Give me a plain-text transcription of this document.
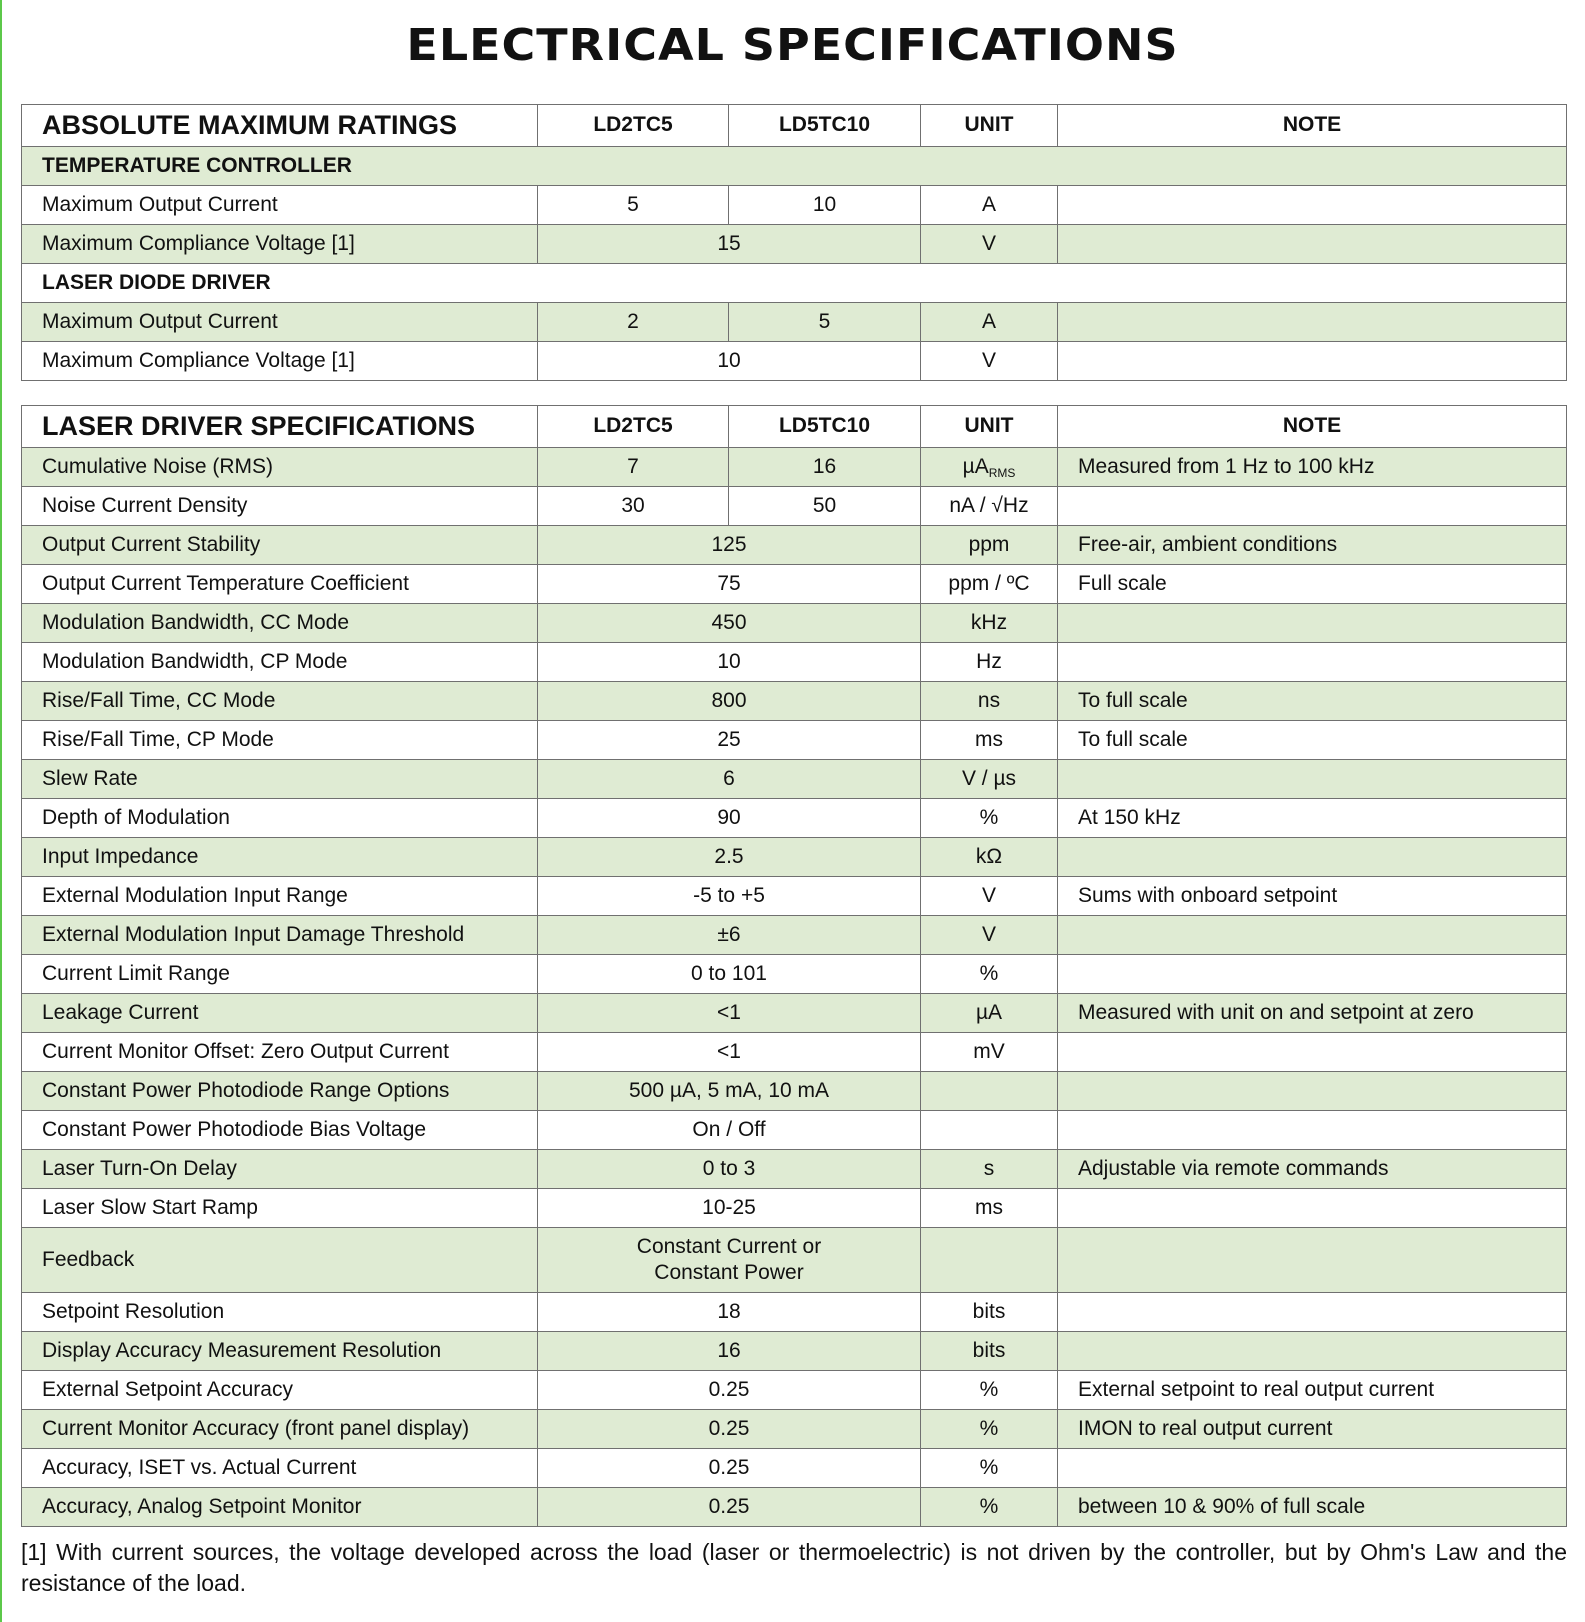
ELECTRICAL SPECIFICATIONS
ABSOLUTE MAXIMUM RATINGS	LD2TC5	LD5TC10	UNIT	NOTE
TEMPERATURE CONTROLLER				
Maximum Output Current	5	10	A	
Maximum Compliance Voltage [1]	15		V	
LASER DIODE DRIVER				
Maximum Output Current	2	5	A	
Maximum Compliance Voltage [1]	10		V	
LASER DRIVER SPECIFICATIONS	LD2TC5	LD5TC10	UNIT	NOTE
Cumulative Noise (RMS)	7	16	µA$_{RMS}$	Measured from 1 Hz to 100 kHz
Noise Current Density	30	50	nA / √Hz	
Output Current Stability	125		ppm	Free-air, ambient conditions
Output Current Temperature Coefficient	75		ppm / ºC	Full scale
Modulation Bandwidth, CC Mode	450		kHz	
Modulation Bandwidth, CP Mode	10		Hz	
Rise/Fall Time, CC Mode	800		ns	To full scale
Rise/Fall Time, CP Mode	25		ms	To full scale
Slew Rate	6		V / µs	
Depth of Modulation	90		%	At 150 kHz
Input Impedance	2.5		kΩ	
External Modulation Input Range	-5 to +5		V	Sums with onboard setpoint
External Modulation Input Damage Threshold	±6		V	
Current Limit Range	0 to 101		%	
Leakage Current	<1		µA	Measured with unit on and setpoint at zero
Current Monitor Offset: Zero Output Current	<1		mV	
Constant Power Photodiode Range Options	500 µA, 5 mA, 10 mA			
Constant Power Photodiode Bias Voltage	On / Off			
Laser Turn-On Delay	0 to 3		s	Adjustable via remote commands
Laser Slow Start Ramp	10-25		ms	
Feedback	Constant Current or
Constant Power			

Setpoint Resolution	18		bits	
Display Accuracy Measurement Resolution	16		bits	
External Setpoint Accuracy	0.25		%	External setpoint to real output current
Current Monitor Accuracy (front panel display)	0.25		%	IMON to real output current
Accuracy, ISET vs. Actual Current	0.25		%	
Accuracy, Analog Setpoint Monitor	0.25		%	between 10 & 90% of full scale
[1] With current sources, the voltage developed across the load (laser or thermoelectric) is not driven by the controller, but by Ohm's Law and the resistance of the load.
